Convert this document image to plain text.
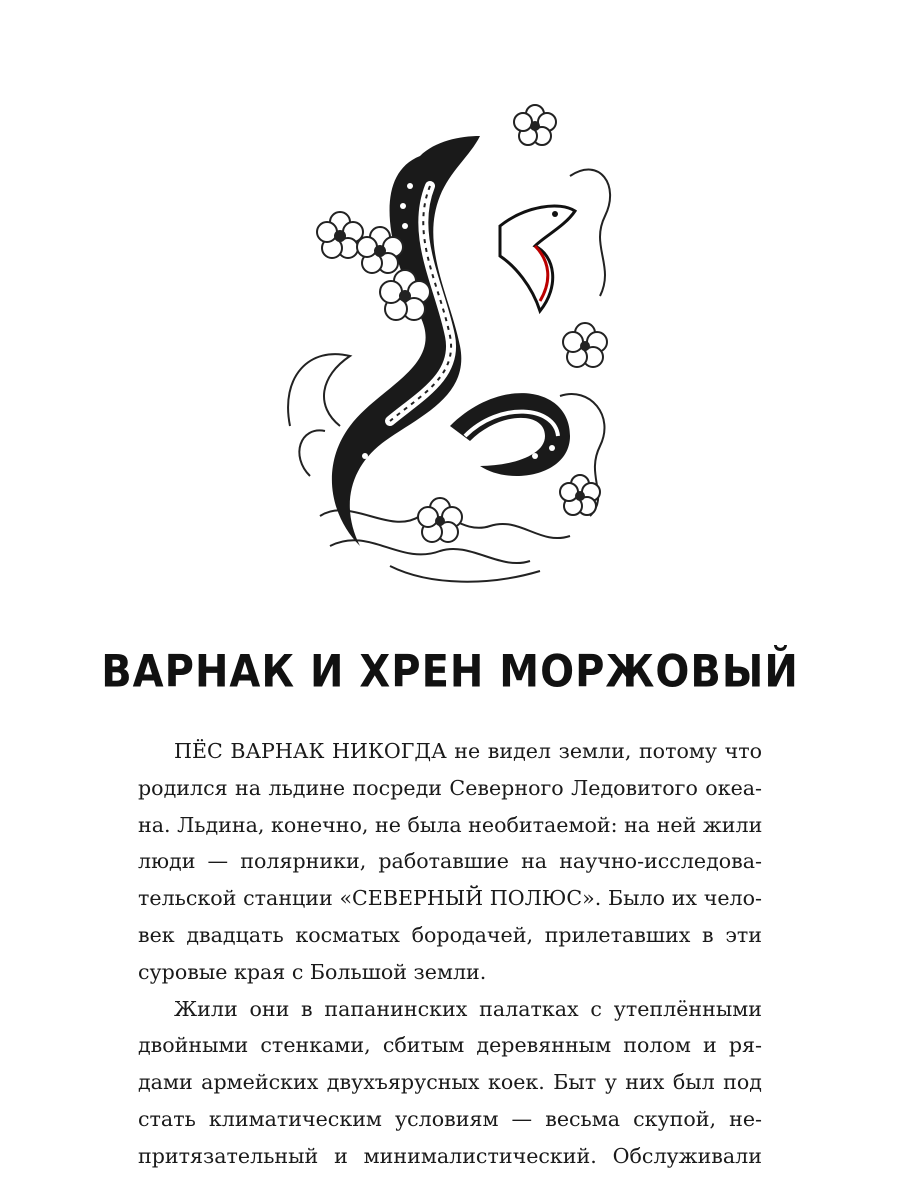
ВАРНАК И ХРЕН МОРЖОВЫЙ

ПЁС ВАРНАК НИКОГДА не видел земли, потому что
родился на льдине посреди Северного Ледовитого океа-
на. Льдина, конечно, не была необитаемой: на ней жили
люди — полярники, работавшие на научно-исследова-
тельской станции «СЕВЕРНЫЙ ПОЛЮС». Было их чело-
век двадцать косматых бородачей, прилетавших в эти
суровые края с Большой земли.

Жили они в папанинских палатках с утеплёнными
двойными стенками, сбитым деревянным полом и ря-
дами армейских двухъярусных коек. Быт у них был под
стать климатическим условиям — весьма скупой, не-
притязательный и минималистический. Обслуживали
